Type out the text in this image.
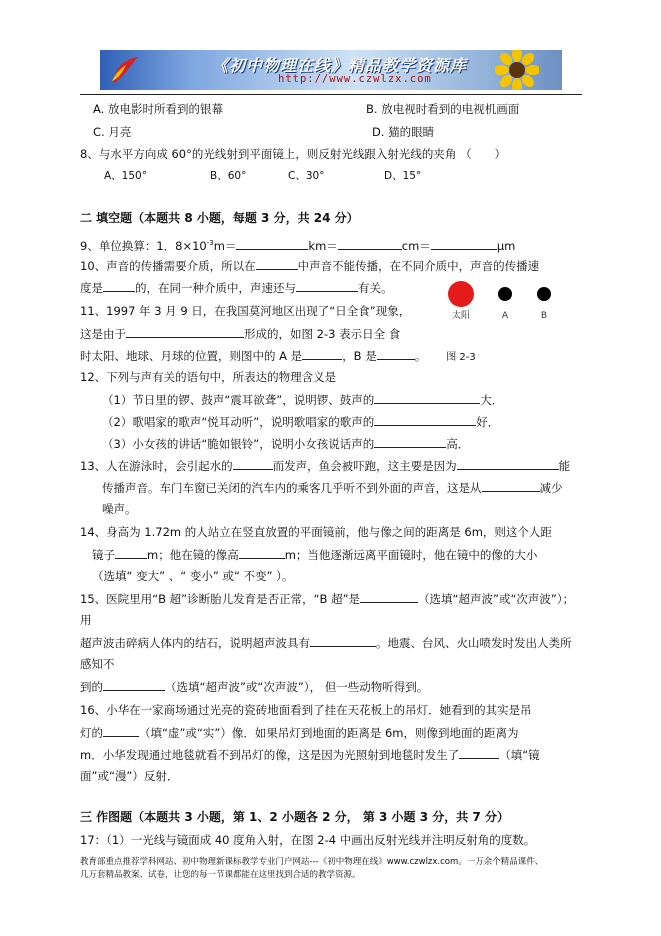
《初中物理在线》精品教学资源库
http://www.czwlzx.com
A. 放电影时所看到的银幕	B. 放电视时看到的电视机画面
C. 月亮	D. 猫的眼睛
8、与水平方向成 60°的光线射到平面镜上，则反射光线跟入射光线的夹角 （　　）
A、150°	B、60°	C、30°	D、15°
二 填空题（本题共 8 小题，每题 3 分，共 24 分）
9、单位换算：1．$8\times 10^{-3}m=$	km＝	cm＝	μm
10、声音的传播需要介质，所以在	中声音不能传播，在不同介质中，声音的传播速
度是	的，在同一种介质中，声速还与	有关。
11、1997 年 3 月 9 日，在我国莫河地区出现了“日全食”现象，
这是由于	形成的，如图 2-3 表示日全 食
时太阳、地球、月球的位置，则图中的 A 是	，B 是	。 图 2-3
太阳	A	B
12、下列与声有关的语句中，所表达的物理含义是
（1）节日里的锣、鼓声“震耳欲聋”，说明锣、鼓声的	大．
（2）歌唱家的歌声“悦耳动听”，说明歌唱家的歌声的	好．
（3）小女孩的讲话“脆如银铃”，说明小女孩说话声的	高．
13、人在游泳时，会引起水的	而发声，鱼会被吓跑，这主要是因为	能
传播声音。车门车窗已关闭的汽车内的乘客几乎听不到外面的声音，这是从	减少
噪声。
14、身高为 1.72m 的人站立在竖直放置的平面镜前，他与像之间的距离是 6m，则这个人距
镜子	m；他在镜的像高	m；当他逐渐远离平面镜时，他在镜中的像的大小
（选填“ 变大” 、“ 变小” 或“ 不变” ）。
15、医院里用“B 超”诊断胎儿发育是否正常，“B 超”是	（选填“超声波”或“次声波”）；
用
超声波击碎病人体内的结石，说明超声波具有	。地震、台风、火山喷发时发出人类所
感知不
到的	（选填“超声波”或“次声波”）， 但一些动物听得到。
16、小华在一家商场通过光亮的瓷砖地面看到了挂在天花板上的吊灯．她看到的其实是吊
灯的	（填“虚”或“实”）像．如果吊灯到地面的距离是 6m，则像到地面的距离为
m．小华发现通过地毯就看不到吊灯的像，这是因为光照射到地毯时发生了	（填“镜
面”或“漫”）反射．
三 作图题（本题共 3 小题，第 1、2 小题各 2 分， 第 3 小题 3 分，共 7 分）
17：（1）一光线与镜面成 40 度角入射，在图 2-4 中画出反射光线并注明反射角的度数。
教育部重点推荐学科网站、初中物理新课标教学专业门户网站---《初中物理在线》www.czwlzx.com。一万余个精品课件、
几万套精品教案、试卷，让您的每一节课都能在这里找到合适的教学资源。
